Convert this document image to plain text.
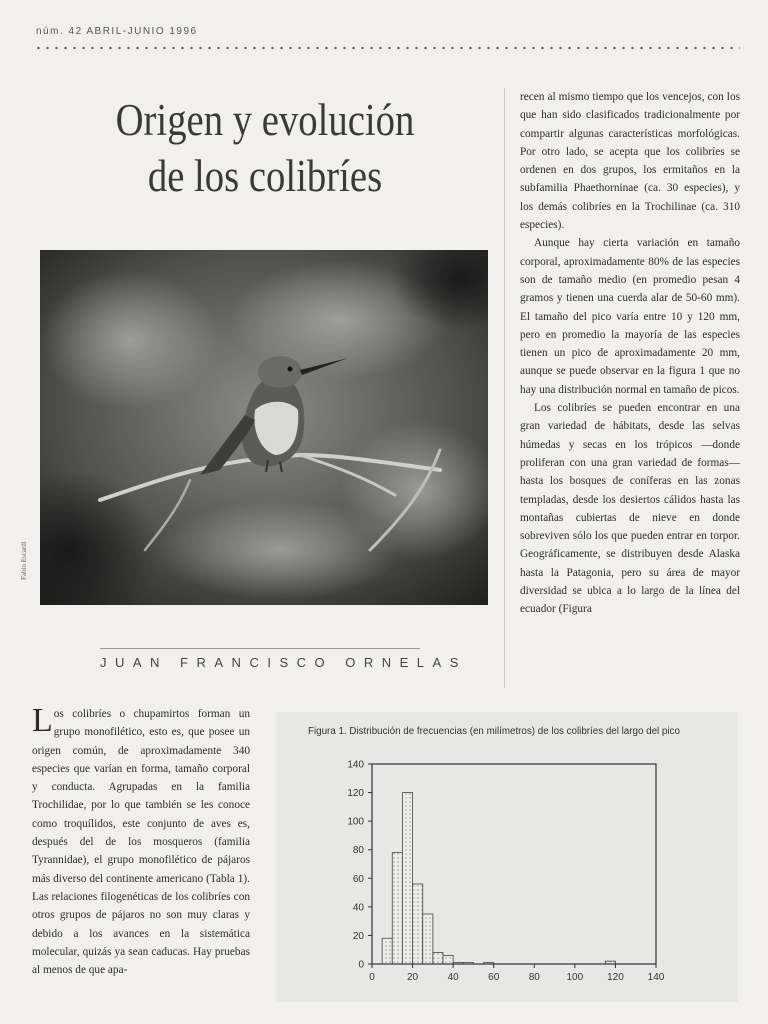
núm. 42 ABRIL-JUNIO 1996
Origen y evolución
de los colibríes
Fabio Escardi
JUAN FRANCISCO ORNELAS

recen al mismo tiempo que los vencejos, con los que han sido clasificados tradicionalmente por compartir algunas características morfológicas. Por otro lado, se acepta que los colibríes se ordenen en dos grupos, los ermitaños en la subfamilia Phaethorninae (ca. 30 especies), y los demás colibríes en la Trochilinae (ca. 310 especies).

Aunque hay cierta variación en tamaño corporal, aproximadamente 80% de las especies son de tamaño medio (en promedio pesan 4 gramos y tienen una cuerda alar de 50-60 mm). El tamaño del pico varía entre 10 y 120 mm, pero en promedio la mayoría de las especies tienen un pico de aproximadamente 20 mm, aunque se puede observar en la figura 1 que no hay una distribución normal en tamaño de picos.

Los colibríes se pueden encontrar en una gran variedad de hábitats, desde las selvas húmedas y secas en los trópicos —donde proliferan con una gran variedad de formas— hasta los bosques de coníferas en las zonas templadas, desde los desiertos cálidos hasta las montañas cubiertas de nieve en donde sobreviven sólo los que pueden entrar en torpor. Geográficamente, se distribuyen desde Alaska hasta la Patagonia, pero su área de mayor diversidad se ubica a lo largo de la línea del ecuador (Figura

Los colibríes o chupamirtos forman un grupo monofilético, esto es, que posee un origen común, de aproximadamente 340 especies que varían en forma, tamaño corporal y conducta. Agrupadas en la familia Trochilidae, por lo que también se les conoce como troquílidos, este conjunto de aves es, después del de los mosqueros (familia Tyrannidae), el grupo monofilético de pájaros más diverso del continente americano (Tabla 1). Las relaciones filogenéticas de los colibríes con otros grupos de pájaros no son muy claras y debido a los avances en la sistemática molecular, quizás ya sean caducas. Hay pruebas al menos de que apa-
Figura 1. Distribución de frecuencias (en milímetros) de los colibríes del largo del pico
0
20
40
60
80
100
120
140
0	20	40	60	80	100 120 140
